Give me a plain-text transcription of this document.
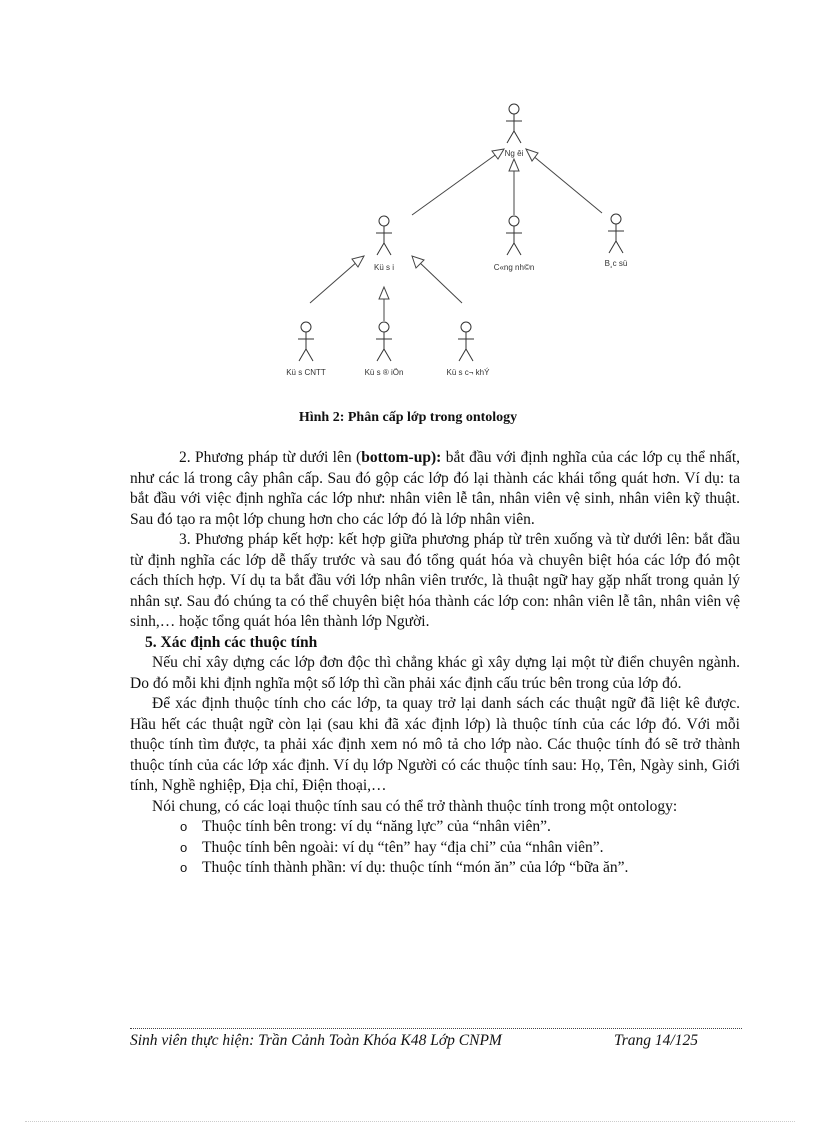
Ng êi
Kü s i	C«ng nh©n	B¸c sü
Kü s CNTT	Kü s ® iÖn	Kü s c¬ khÝ
Hình 2: Phân cấp lớp trong ontology

2. Phương pháp từ dưới lên (bottom-up): bắt đầu với định nghĩa của các lớp cụ thể nhất, như các lá trong cây phân cấp. Sau đó gộp các lớp đó lại thành các khái tổng quát hơn. Ví dụ: ta bắt đầu với việc định nghĩa các lớp như: nhân viên lễ tân, nhân viên vệ sinh, nhân viên kỹ thuật. Sau đó tạo ra một lớp chung hơn cho các lớp đó là lớp nhân viên.

3. Phương pháp kết hợp: kết hợp giữa phương pháp từ trên xuống và từ dưới lên: bắt đầu từ định nghĩa các lớp dễ thấy trước và sau đó tổng quát hóa và chuyên biệt hóa các lớp đó một cách thích hợp. Ví dụ ta bắt đầu với lớp nhân viên trước, là thuật ngữ hay gặp nhất trong quản lý nhân sự. Sau đó chúng ta có thể chuyên biệt hóa thành các lớp con: nhân viên lễ tân, nhân viên vệ sinh,… hoặc tổng quát hóa lên thành lớp Người.

5. Xác định các thuộc tính

Nếu chỉ xây dựng các lớp đơn độc thì chẳng khác gì xây dựng lại một từ điển chuyên ngành. Do đó mỗi khi định nghĩa một số lớp thì cần phải xác định cấu trúc bên trong của lớp đó.

Để xác định thuộc tính cho các lớp, ta quay trở lại danh sách các thuật ngữ đã liệt kê được. Hầu hết các thuật ngữ còn lại (sau khi đã xác định lớp) là thuộc tính của các lớp đó. Với mỗi thuộc tính tìm được, ta phải xác định xem nó mô tả cho lớp nào. Các thuộc tính đó sẽ trở thành thuộc tính của các lớp xác định. Ví dụ lớp Người có các thuộc tính sau: Họ, Tên, Ngày sinh, Giới tính, Nghề nghiệp, Địa chỉ, Điện thoại,…

Nói chung, có các loại thuộc tính sau có thể trở thành thuộc tính trong một ontology:

o Thuộc tính bên trong: ví dụ “năng lực” của “nhân viên”.
o Thuộc tính bên ngoài: ví dụ “tên” hay “địa chỉ” của “nhân viên”.
o Thuộc tính thành phần: ví dụ: thuộc tính “món ăn” của lớp “bữa ăn”.
Sinh viên thực hiện: Trần Cảnh Toàn Khóa K48 Lớp CNPM	Trang 14/125
